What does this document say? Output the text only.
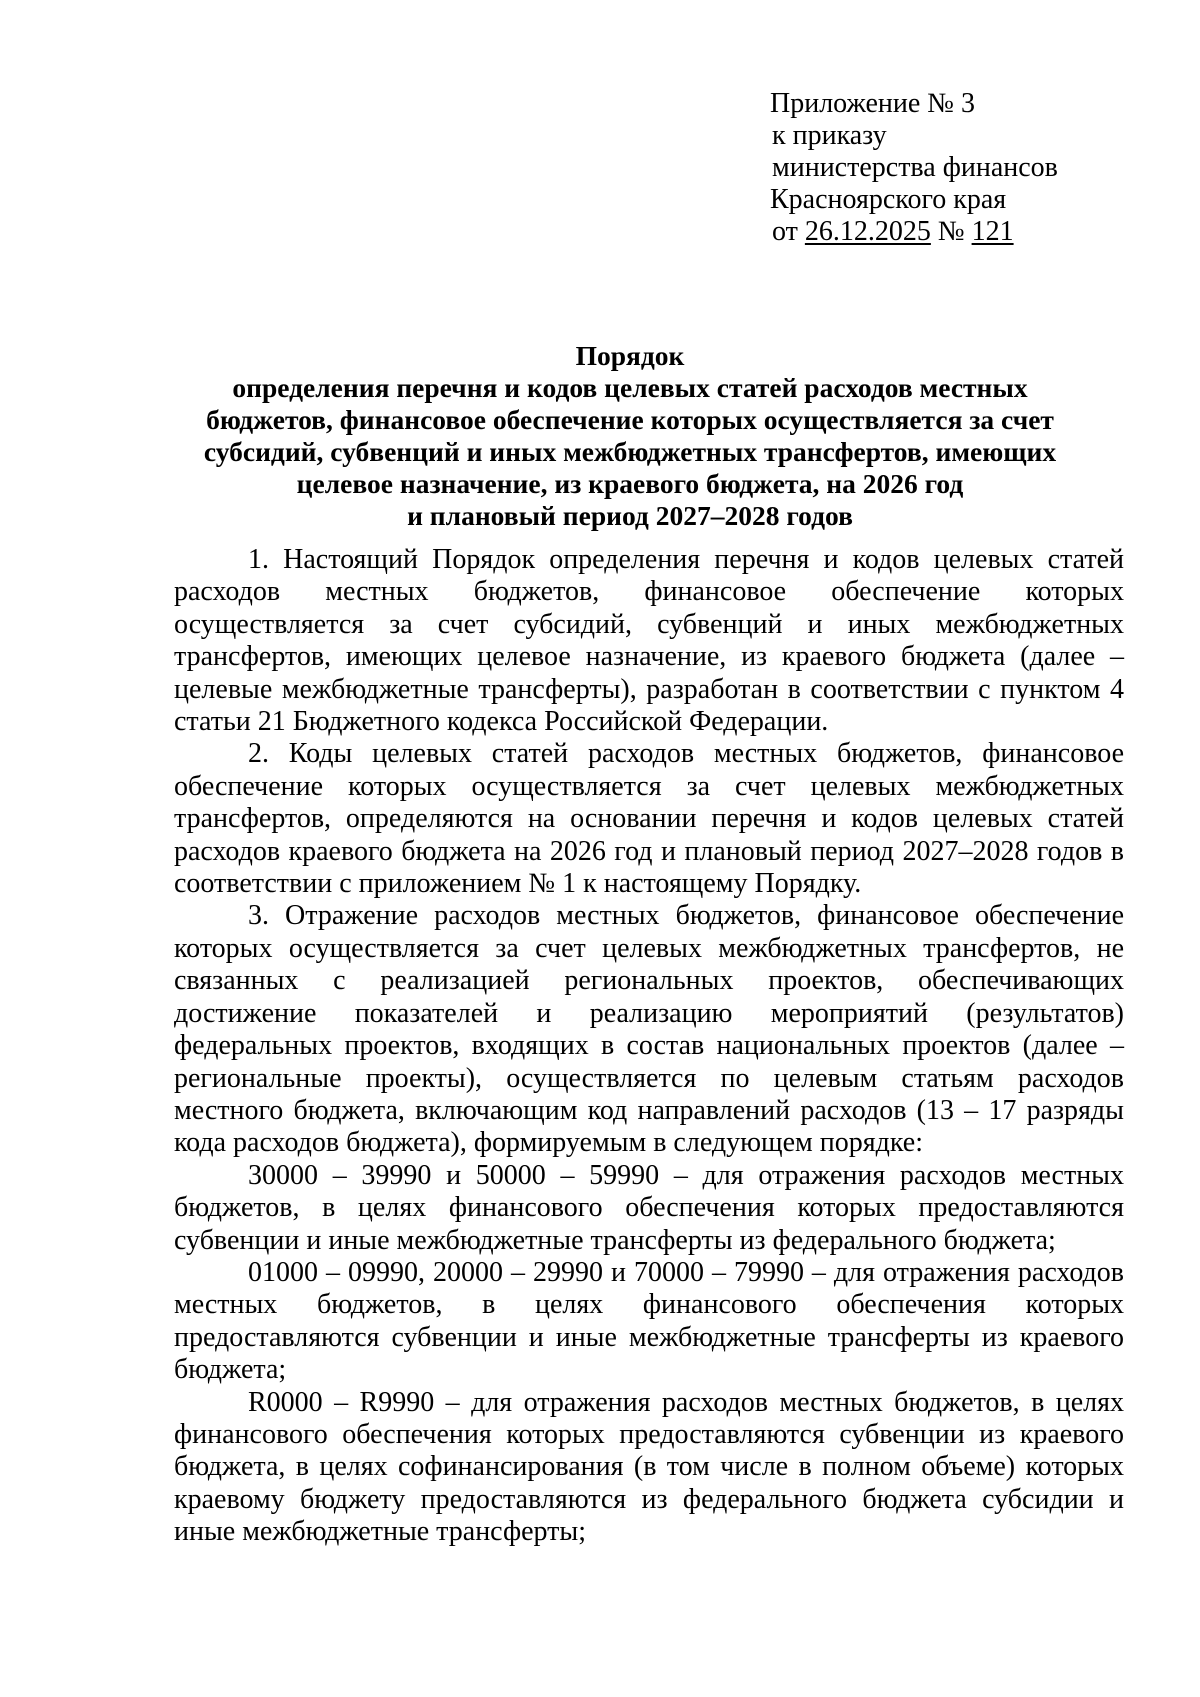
Приложение № 3
к приказу
министерства финансов
Красноярского края
от 26.12.2025 № 121
Порядок
определения перечня и кодов целевых статей расходов местных
бюджетов, финансовое обеспечение которых осуществляется за счет
субсидий, субвенций и иных межбюджетных трансфертов, имеющих
целевое назначение, из краевого бюджета, на 2026 год
и плановый период 2027–2028 годов

1. Настоящий Порядок определения перечня и кодов целевых статей расходов местных бюджетов, финансовое обеспечение которых осуществляется за счет субсидий, субвенций и иных межбюджетных трансфертов, имеющих целевое назначение, из краевого бюджета (далее – целевые межбюджетные трансферты), разработан в соответствии с пунктом 4 статьи 21 Бюджетного кодекса Российской Федерации.

2. Коды целевых статей расходов местных бюджетов, финансовое обеспечение которых осуществляется за счет целевых межбюджетных трансфертов, определяются на основании перечня и кодов целевых статей расходов краевого бюджета на 2026 год и плановый период 2027–2028 годов в соответствии с приложением № 1 к настоящему Порядку.

3. Отражение расходов местных бюджетов, финансовое обеспечение которых осуществляется за счет целевых межбюджетных трансфертов, не связанных с реализацией региональных проектов, обеспечивающих достижение показателей и реализацию мероприятий (результатов) федеральных проектов, входящих в состав национальных проектов (далее – региональные проекты), осуществляется по целевым статьям расходов местного бюджета, включающим код направлений расходов (13 – 17 разряды кода расходов бюджета), формируемым в следующем порядке:

30000 – 39990 и 50000 – 59990 – для отражения расходов местных бюджетов, в целях финансового обеспечения которых предоставляются субвенции и иные межбюджетные трансферты из федерального бюджета;

01000 – 09990, 20000 – 29990 и 70000 – 79990 – для отражения расходов местных бюджетов, в целях финансового обеспечения которых предоставляются субвенции и иные межбюджетные трансферты из краевого бюджета;

R0000 – R9990 – для отражения расходов местных бюджетов, в целях финансового обеспечения которых предоставляются субвенции из краевого бюджета, в целях софинансирования (в том числе в полном объеме) которых краевому бюджету предоставляются из федерального бюджета субсидии и иные межбюджетные трансферты;
